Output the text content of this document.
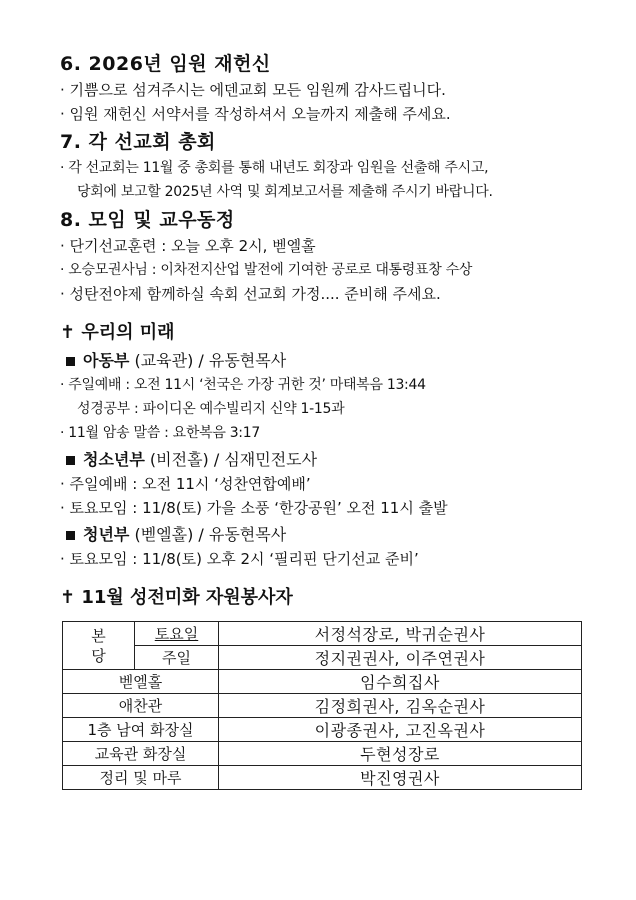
6. 2026년 임원 재헌신
· 기쁨으로 섬겨주시는 에덴교회 모든 임원께 감사드립니다.
· 임원 재헌신 서약서를 작성하셔서 오늘까지 제출해 주세요.
7. 각 선교회 총회
· 각 선교회는 11월 중 총회를 통해 내년도 회장과 임원을 선출해 주시고,
당회에 보고할 2025년 사역 및 회계보고서를 제출해 주시기 바랍니다.
8. 모임 및 교우동정
· 단기선교훈련 : 오늘 오후 2시, 벧엘홀
· 오승모권사님 : 이차전지산업 발전에 기여한 공로로 대통령표창 수상
· 성탄전야제 함께하실 속회 선교회 가정.... 준비해 주세요.
✝ 우리의 미래
아동부 (교육관) / 유동현목사
· 주일예배 : 오전 11시 ‘천국은 가장 귀한 것’ 마태복음 13:44
성경공부 : 파이디온 예수빌리지 신약 1-15과
· 11월 암송 말씀 : 요한복음 3:17
청소년부 (비전홀) / 심재민전도사
· 주일예배 : 오전 11시 ‘성찬연합예배’
· 토요모임 : 11/8(토) 가을 소풍 ‘한강공원’ 오전 11시 출발
청년부 (벧엘홀) / 유동현목사
· 토요모임 : 11/8(토) 오후 2시 ‘필리핀 단기선교 준비’
✝ 11월 성전미화 자원봉사자
본
당	토요일	서정석장로, 박귀순권사
	주일	정지권권사, 이주연권사
벧엘홀		임수희집사
애찬관		김정희권사, 김옥순권사
1층 남여 화장실		이광종권사, 고진옥권사
교육관 화장실		두현성장로
정리 및 마루		박진영권사
